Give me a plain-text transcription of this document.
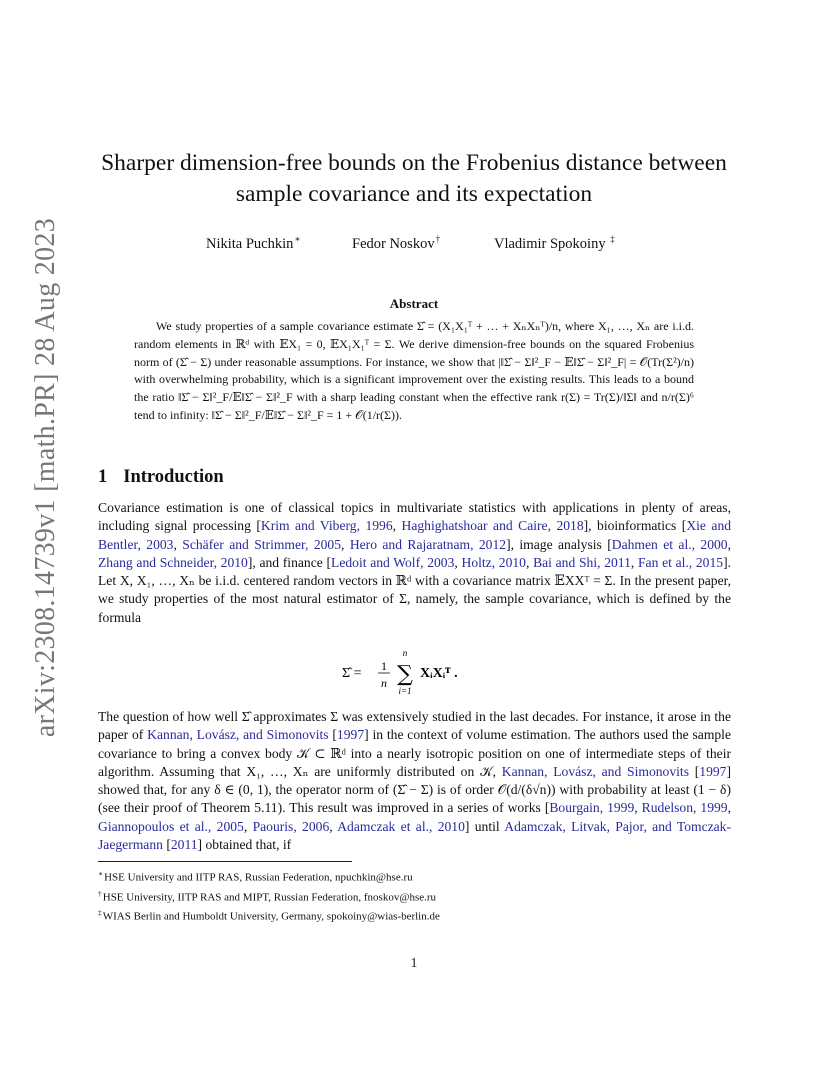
arXiv:2308.14739v1 [math.PR] 28 Aug 2023
Sharper dimension-free bounds on the Frobenius distance between sample covariance and its expectation
Nikita Puchkin∗	Fedor Noskov†	Vladimir Spokoiny ‡
Abstract

We study properties of a sample covariance estimate Σ̂ = (X₁X₁ᵀ + … + XₙXₙᵀ)/n, where X₁, …, Xₙ are i.i.d. random elements in ℝᵈ with 𝔼X₁ = 0, 𝔼X₁X₁ᵀ = Σ. We derive dimension-free bounds on the squared Frobenius norm of (Σ̂ − Σ) under reasonable assumptions. For instance, we show that |‖Σ̂ − Σ‖²_F − 𝔼‖Σ̂ − Σ‖²_F| = 𝒪(Tr(Σ²)/n) with overwhelming probability, which is a significant improvement over the existing results. This leads to a bound the ratio ‖Σ̂ − Σ‖²_F/𝔼‖Σ̂ − Σ‖²_F with a sharp leading constant when the effective rank r(Σ) = Tr(Σ)/‖Σ‖ and n/r(Σ)⁶ tend to infinity: ‖Σ̂ − Σ‖²_F/𝔼‖Σ̂ − Σ‖²_F = 1 + 𝒪(1/r(Σ)).

1 Introduction

Covariance estimation is one of classical topics in multivariate statistics with applications in plenty of areas, including signal processing [Krim and Viberg, 1996, Haghighatshoar and Caire, 2018], bioinformatics [Xie and Bentler, 2003, Schäfer and Strimmer, 2005, Hero and Rajaratnam, 2012], image analysis [Dahmen et al., 2000, Zhang and Schneider, 2010], and finance [Ledoit and Wolf, 2003, Holtz, 2010, Bai and Shi, 2011, Fan et al., 2015]. Let X, X₁, …, Xₙ be i.i.d. centered random vectors in ℝᵈ with a covariance matrix 𝔼XXᵀ = Σ. In the present paper, we study properties of the most natural estimator of Σ, namely, the sample covariance, which is defined by the formula

Σ̂ = 1
n
n
∑
i=1
XᵢXᵢᵀ .

The question of how well Σ̂ approximates Σ was extensively studied in the last decades. For instance, it arose in the paper of Kannan, Lovász, and Simonovits [1997] in the context of volume estimation. The authors used the sample covariance to bring a convex body 𝒦 ⊂ ℝᵈ into a nearly isotropic position on one of intermediate steps of their algorithm. Assuming that X₁, …, Xₙ are uniformly distributed on 𝒦, Kannan, Lovász, and Simonovits [1997] showed that, for any δ ∈ (0, 1), the operator norm of (Σ̂ − Σ) is of order 𝒪(d/(δ√n)) with probability at least (1 − δ) (see their proof of Theorem 5.11). This result was improved in a series of works [Bourgain, 1999, Rudelson, 1999, Giannopoulos et al., 2005, Paouris, 2006, Adamczak et al., 2010] until Adamczak, Litvak, Pajor, and Tomczak-Jaegermann [2011] obtained that, if

∗HSE University and IITP RAS, Russian Federation, npuchkin@hse.ru
†HSE University, IITP RAS and MIPT, Russian Federation, fnoskov@hse.ru
‡WIAS Berlin and Humboldt University, Germany, spokoiny@wias-berlin.de
1
